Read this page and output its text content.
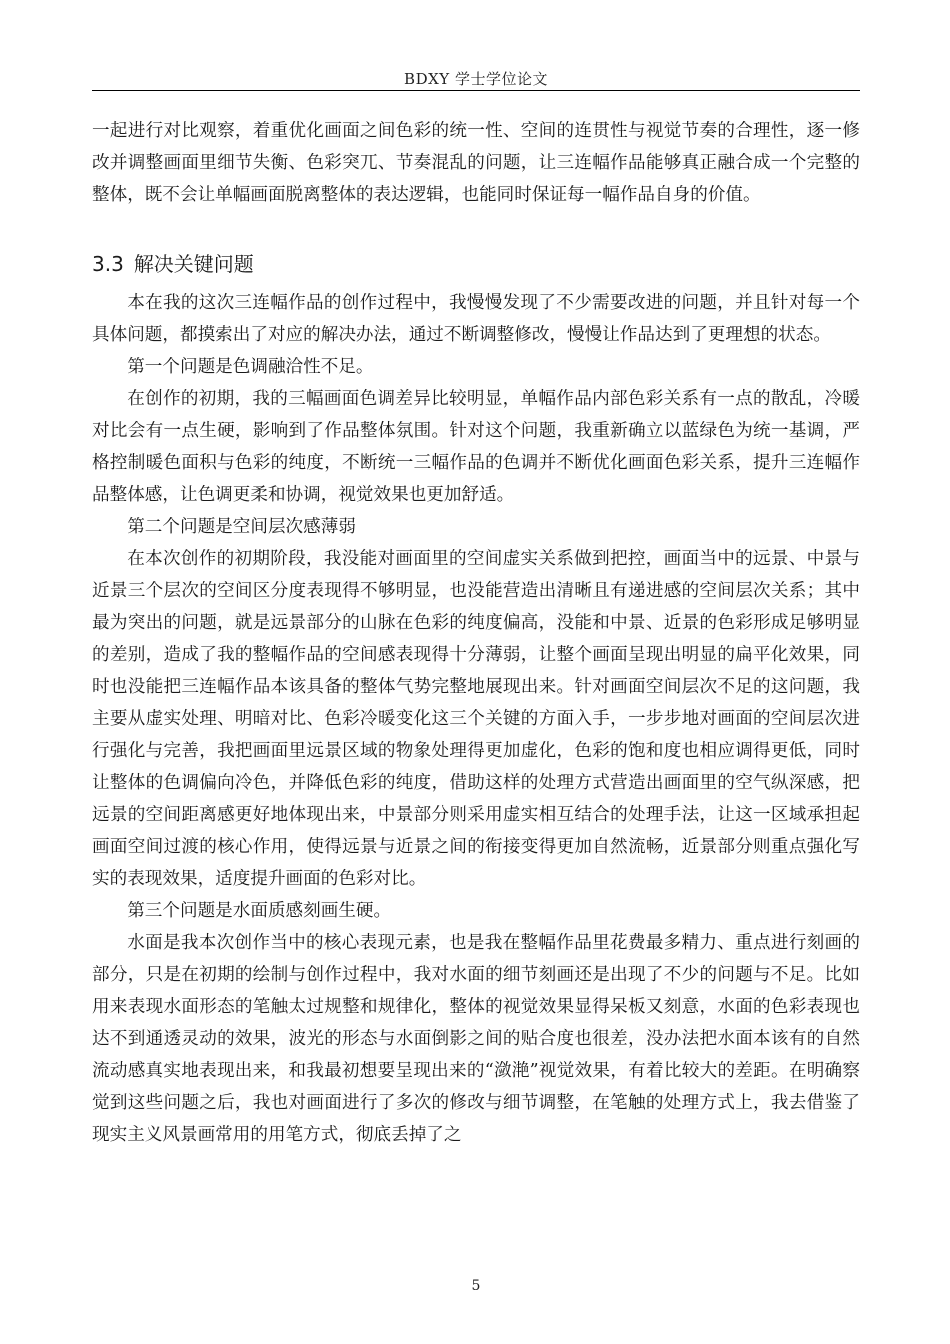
BDXY 学士学位论文

一起进行对比观察，着重优化画面之间色彩的统一性、空间的连贯性与视觉节奏的合理性，逐一修改并调整画面里细节失衡、色彩突兀、节奏混乱的问题，让三连幅作品能够真正融合成一个完整的整体，既不会让单幅画面脱离整体的表达逻辑，也能同时保证每一幅作品自身的价值。

3.3 解决关键问题

本在我的这次三连幅作品的创作过程中，我慢慢发现了不少需要改进的问题，并且针对每一个具体问题，都摸索出了对应的解决办法，通过不断调整修改，慢慢让作品达到了更理想的状态。

第一个问题是色调融洽性不足。

在创作的初期，我的三幅画面色调差异比较明显，单幅作品内部色彩关系有一点的散乱，冷暖对比会有一点生硬，影响到了作品整体氛围。针对这个问题，我重新确立以蓝绿色为统一基调，严格控制暖色面积与色彩的纯度，不断统一三幅作品的色调并不断优化画面色彩关系，提升三连幅作品整体感，让色调更柔和协调，视觉效果也更加舒适。

第二个问题是空间层次感薄弱

在本次创作的初期阶段，我没能对画面里的空间虚实关系做到把控，画面当中的远景、中景与近景三个层次的空间区分度表现得不够明显，也没能营造出清晰且有递进感的空间层次关系；其中最为突出的问题，就是远景部分的山脉在色彩的纯度偏高，没能和中景、近景的色彩形成足够明显的差别，造成了我的整幅作品的空间感表现得十分薄弱，让整个画面呈现出明显的扁平化效果，同时也没能把三连幅作品本该具备的整体气势完整地展现出来。针对画面空间层次不足的这问题，我主要从虚实处理、明暗对比、色彩冷暖变化这三个关键的方面入手，一步步地对画面的空间层次进行强化与完善，我把画面里远景区域的物象处理得更加虚化，色彩的饱和度也相应调得更低，同时让整体的色调偏向冷色，并降低色彩的纯度，借助这样的处理方式营造出画面里的空气纵深感，把远景的空间距离感更好地体现出来，中景部分则采用虚实相互结合的处理手法，让这一区域承担起画面空间过渡的核心作用，使得远景与近景之间的衔接变得更加自然流畅，近景部分则重点强化写实的表现效果，适度提升画面的色彩对比。

第三个问题是水面质感刻画生硬。

水面是我本次创作当中的核心表现元素，也是我在整幅作品里花费最多精力、重点进行刻画的部分，只是在初期的绘制与创作过程中，我对水面的细节刻画还是出现了不少的问题与不足。比如用来表现水面形态的笔触太过规整和规律化，整体的视觉效果显得呆板又刻意，水面的色彩表现也达不到通透灵动的效果，波光的形态与水面倒影之间的贴合度也很差，没办法把水面本该有的自然流动感真实地表现出来，和我最初想要呈现出来的“潋滟”视觉效果，有着比较大的差距。在明确察觉到这些问题之后，我也对画面进行了多次的修改与细节调整，在笔触的处理方式上，我去借鉴了现实主义风景画常用的用笔方式，彻底丢掉了之

5
